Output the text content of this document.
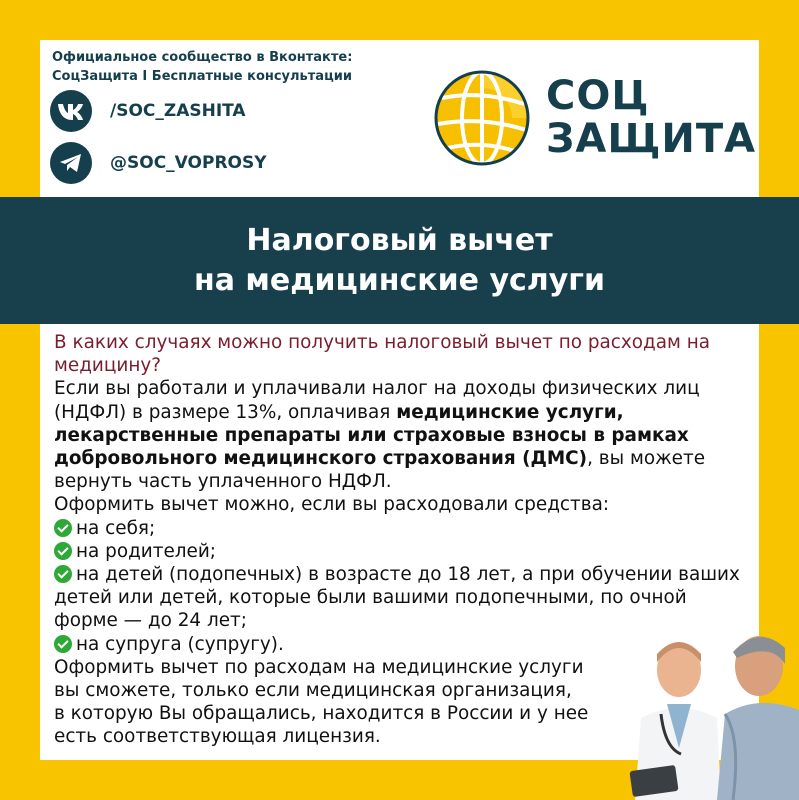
Официальное сообщество в Вконтакте:
СоцЗащита I Бесплатные консультации
/SOC_ZASHITA
@SOC_VOPROSY
СОЦ
ЗАЩИТА
Налоговый вычет
на медицинские услуги
В каких случаях можно получить налоговый вычет по расходам на медицину?
Если вы работали и уплачивали налог на доходы физических лиц (НДФЛ) в размере 13%, оплачивая медицинские услуги, лекарственные препараты или страховые взносы в рамках добровольного медицинского страхования (ДМС), вы можете вернуть часть уплаченного НДФЛ.
Оформить вычет можно, если вы расходовали средства:
на себя;
на родителей;
на детей (подопечных) в возрасте до 18 лет, а при обучении ваших детей или детей, которые были вашими подопечными, по очной форме — до 24 лет;
на супруга (супругу).
Оформить вычет по расходам на медицинские услуги
вы сможете, только если медицинская организация,
в которую Вы обращались, находится в России и у нее
есть соответствующая лицензия.
